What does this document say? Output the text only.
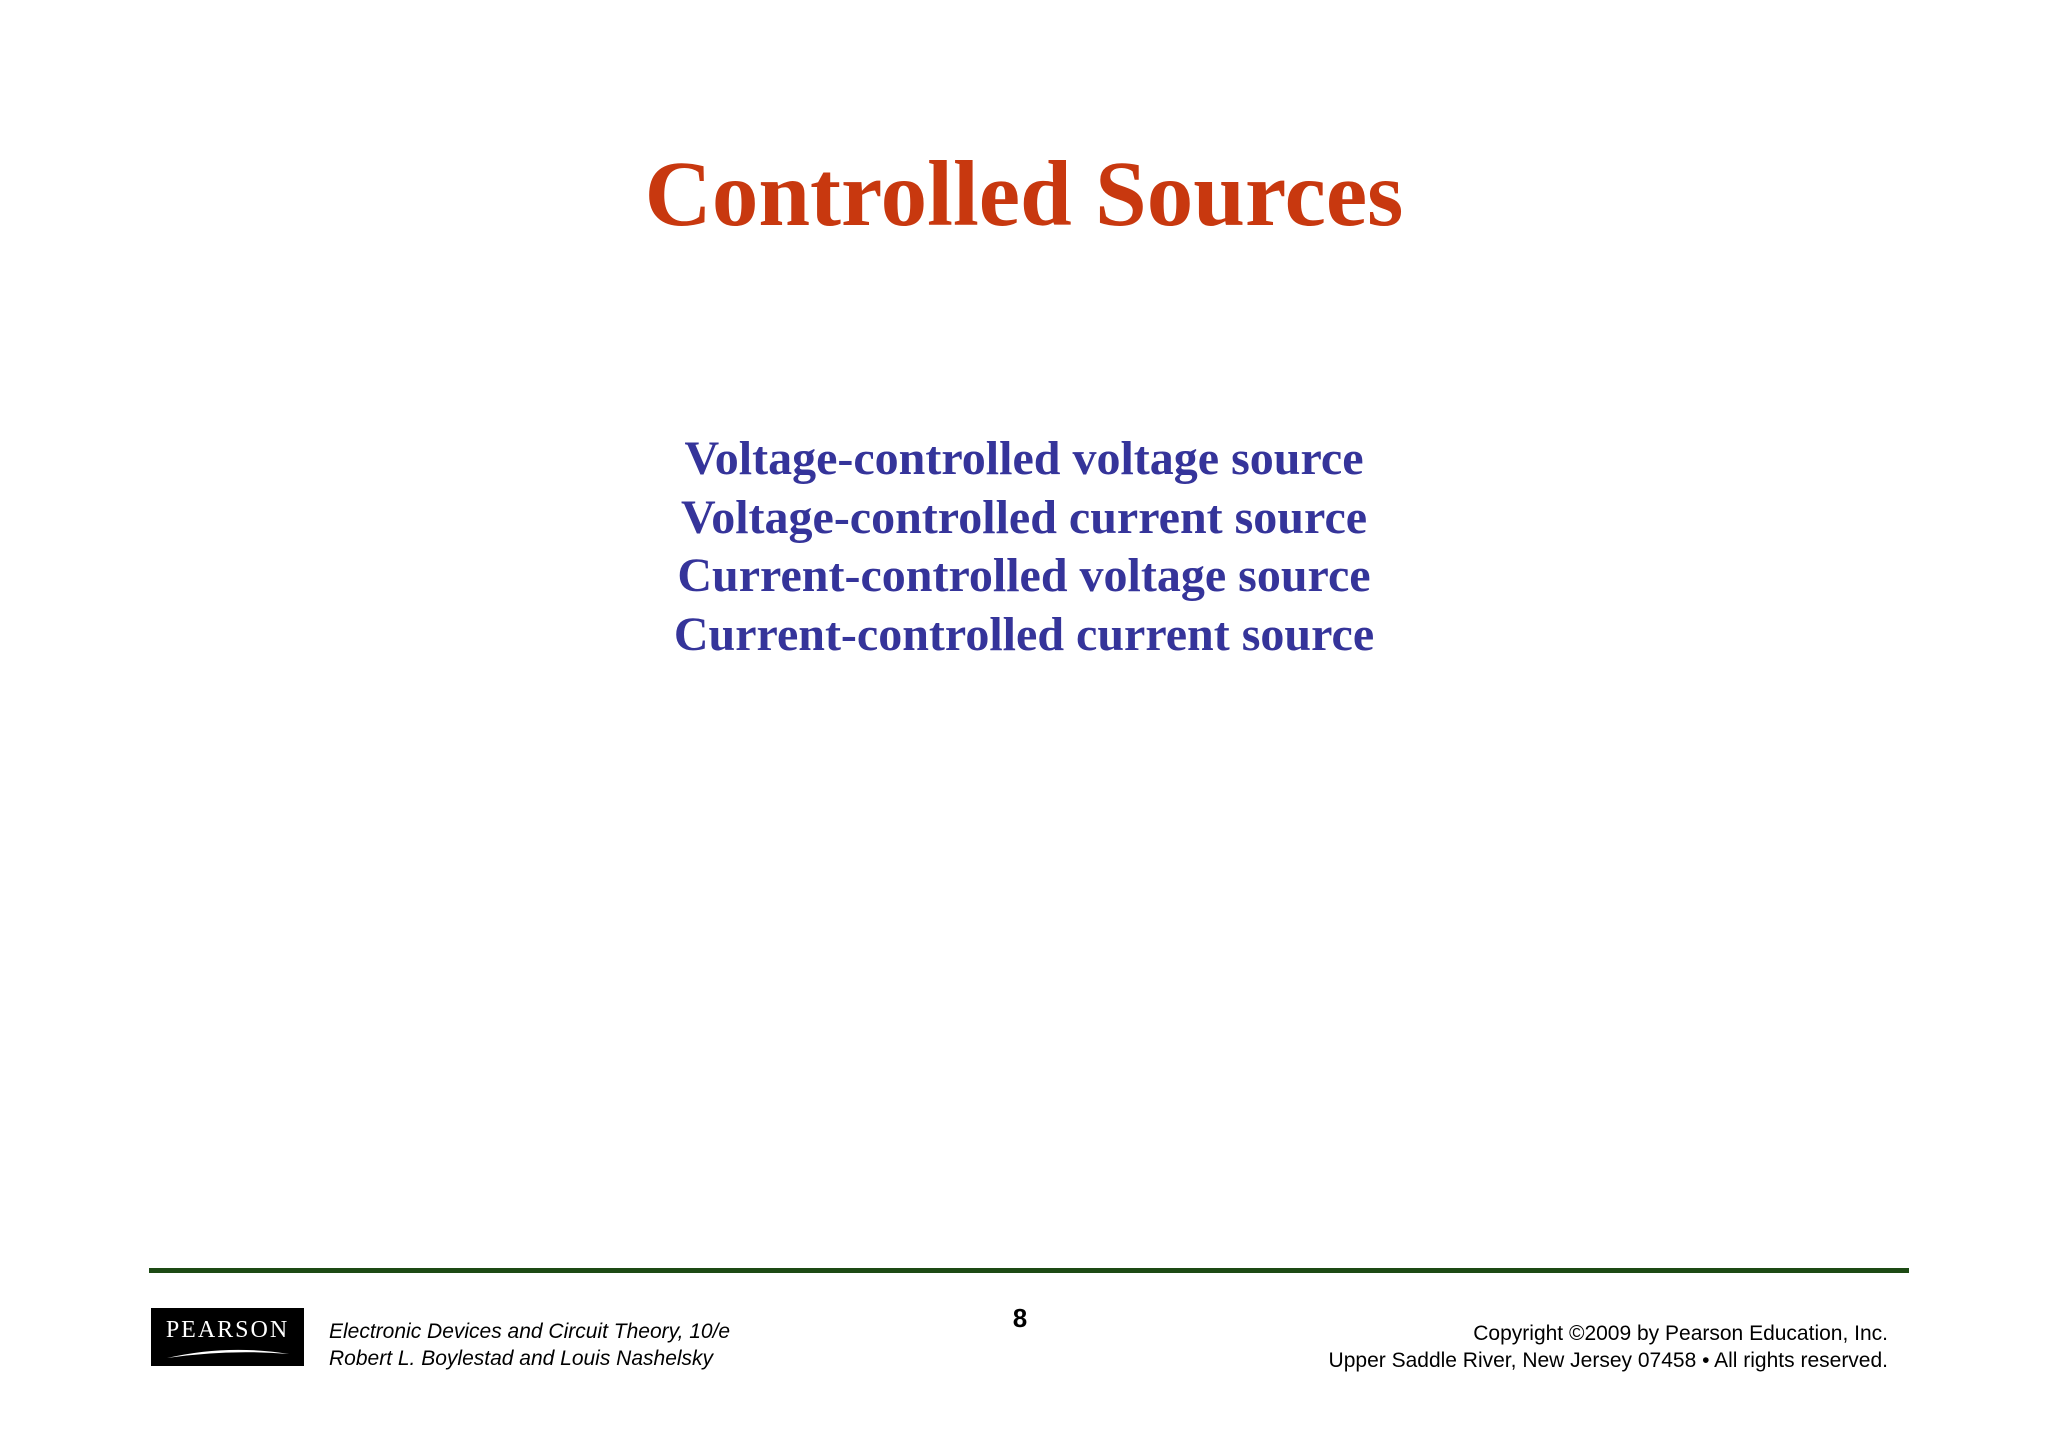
Controlled Sources
Voltage-controlled voltage source
Voltage-controlled current source
Current-controlled voltage source
Current-controlled current source
PEARSON	Electronic Devices and Circuit Theory, 10/e
Robert L. Boylestad and Louis Nashelsky
8
Copyright ©2009 by Pearson Education, Inc.
Upper Saddle River, New Jersey 07458 • All rights reserved.
